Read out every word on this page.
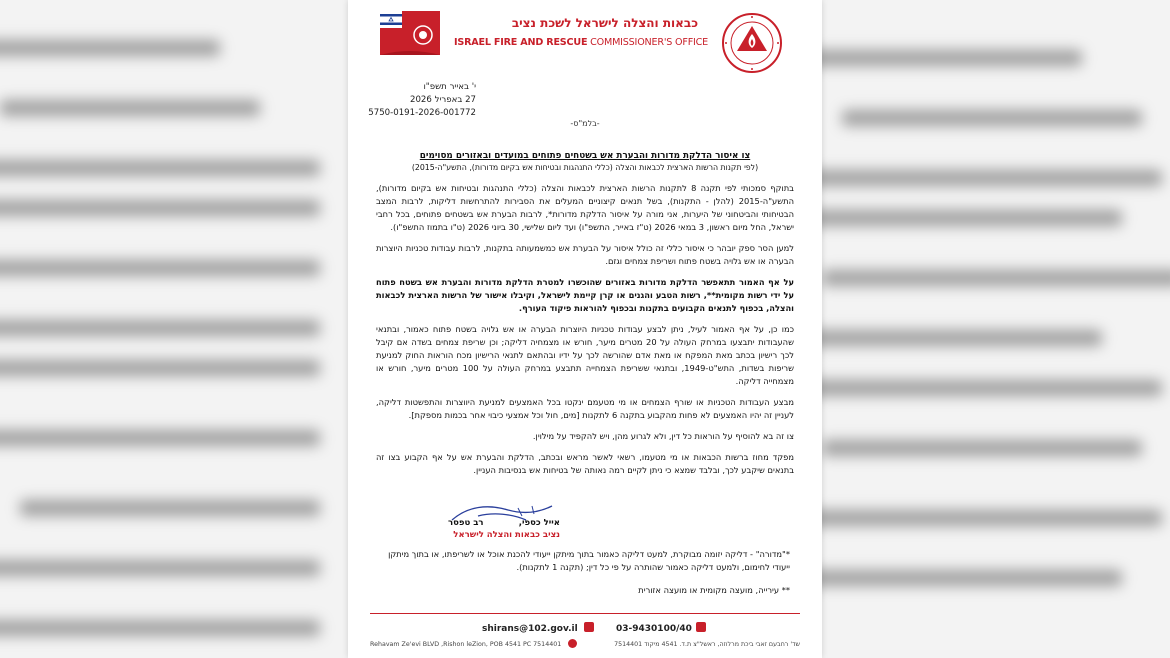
כבאות והצלה לישראל לשכת נציב
ISRAEL FIRE AND RESCUE COMMISSIONER'S OFFICE
י' באייר תשפ"ו
27 באפריל 2026
5750-0191-2026-001772
-בלמ"ס-
צו איסור הדלקת מדורות והבערת אש בשטחים פתוחים במועדים ובאזורים מסוימים
(לפי תקנות הרשות הארצית לכבאות והצלה (כללי התנהגות ובטיחות אש בקיום מדורות), התשע"ה-2015)

בתוקף סמכותי לפי תקנה 8 לתקנות הרשות הארצית לכבאות והצלה (כללי התנהגות ובטיחות אש בקיום מדורות), התשע"ה-2015 (להלן - התקנות), בשל תנאים קיצוניים המעלים את הסבירות להתרחשות דליקות, לרבות המצב הבטיחותי והביטחוני של היערות, אני מורה על איסור הדלקת מדורות*, לרבות הבערת אש בשטחים פתוחים, בכל רחבי ישראל, החל מיום ראשון, 3 במאי 2026 (ט"ז באייר, התשפ"ו) ועד ליום שלישי, 30 ביוני 2026 (ט"ו בתמוז התשפ"ו).

למען הסר ספק יובהר כי איסור כללי זה כולל איסור על הבערת אש כמשמעותה בתקנות, לרבות עבודות טכניות היוצרות הבערה או אש גלויה בשטח פתוח ושריפת צמחים וגזם.

על אף האמור תתאפשר הדלקת מדורות באזורים שהוכשרו למטרת הדלקת מדורות והבערת אש בשטח פתוח על ידי רשות מקומית**, רשות הטבע והגנים או קרן קיימת לישראל, וקיבלו אישור של הרשות הארצית לכבאות והצלה, בכפוף לתנאים הקבועים בתקנות ובכפוף להוראות פיקוד העורף.

כמו כן, על אף האמור לעיל, ניתן לבצע עבודות טכניות היוצרות הבערה או אש גלויה בשטח פתוח כאמור, ובתנאי שהעבודות יתבצעו במרחק העולה על 20 מטרים מיער, חורש או מצמחיה דליקה; וכן שריפת צמחים בשדה אם קיבל לכך רישיון בכתב מאת המפקח או מאת אדם שהורשה לכך על ידיו ובהתאם לתנאי הרישיון מכח הוראות החוק למניעת שריפות בשדות, התש"ט-1949, ובתנאי ששריפת הצמחייה תתבצע במרחק העולה על 100 מטרים מיער, חורש או מצמחייה דליקה.

מבצע העבודות הטכניות או שורף הצמחים או מי מטעמם ינקטו בכל האמצעים למניעת היווצרות והתפשטות דליקה, לעניין זה יהיו האמצעים לא פחות מהקבוע בתקנה 6 לתקנות [מים, חול וכל אמצעי כיבוי אחר בכמות מספקת].

צו זה בא להוסיף על הוראות כל דין, ולא לגרוע מהן, ויש להקפיד על מילוין.

מפקד מחוז ברשות הכבאות או מי מטעמו, רשאי לאשר מראש ובכתב, הדלקת והבערת אש על אף הקבוע בצו זה בתנאים שיקבע לכך, ובלבד שמצא כי ניתן לקיים רמה נאותה של בטיחות אש בנסיבות העניין.

אייל כספי,
רב טפסר
נציב כבאות והצלה לישראל

*"מדורה" - דליקה יזומה מבוקרת, למעט דליקה כאמור בתוך מיתקן ייעודי להכנת אוכל או לשריפתו, או בתוך מיתקן ייעודי לחימום, ולמעט דליקה כאמור שהותרה על פי כל דין; (תקנה 1 לתקנות).

** עירייה, מועצה מקומית או מועצה אזורית

shirans@102.gov.il	03-9430100/40
Rehavam Ze'evi BLVD ,Rishon leZion, POB 4541 PC 7514401	שד' רחבעם זאבי ביכת מרלוזה, ראשל"צ ת.ד. 4541 מיקוד 7514401
